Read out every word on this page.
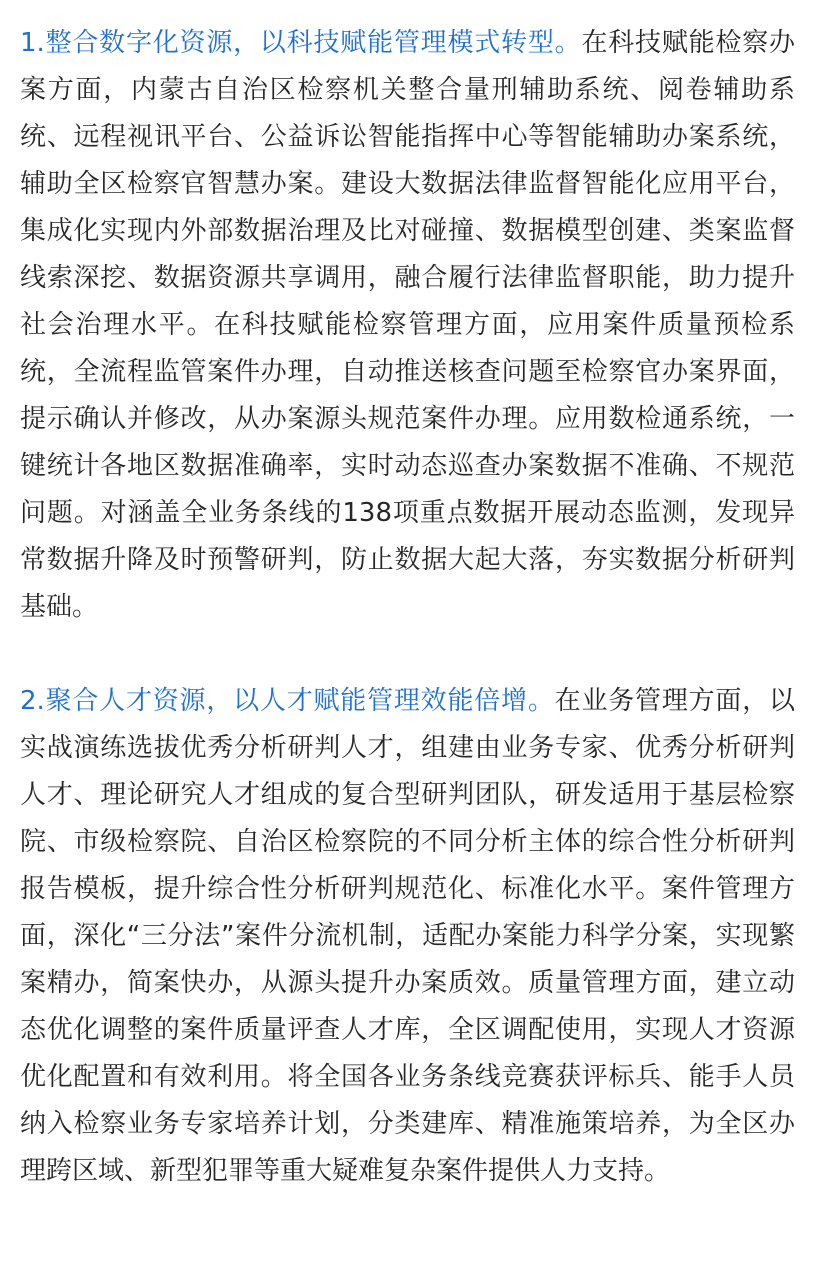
1.整合数字化资源，以科技赋能管理模式转型。在科技赋能检察办案方面，内蒙古自治区检察机关整合量刑辅助系统、阅卷辅助系统、远程视讯平台、公益诉讼智能指挥中心等智能辅助办案系统，辅助全区检察官智慧办案。建设大数据法律监督智能化应用平台，集成化实现内外部数据治理及比对碰撞、数据模型创建、类案监督线索深挖、数据资源共享调用，融合履行法律监督职能，助力提升社会治理水平。在科技赋能检察管理方面，应用案件质量预检系统，全流程监管案件办理，自动推送核查问题至检察官办案界面，提示确认并修改，从办案源头规范案件办理。应用数检通系统，一键统计各地区数据准确率，实时动态巡查办案数据不准确、不规范问题。对涵盖全业务条线的138项重点数据开展动态监测，发现异常数据升降及时预警研判，防止数据大起大落，夯实数据分析研判基础。

2.聚合人才资源，以人才赋能管理效能倍增。在业务管理方面，以实战演练选拔优秀分析研判人才，组建由业务专家、优秀分析研判人才、理论研究人才组成的复合型研判团队，研发适用于基层检察院、市级检察院、自治区检察院的不同分析主体的综合性分析研判报告模板，提升综合性分析研判规范化、标准化水平。案件管理方面，深化“三分法”案件分流机制，适配办案能力科学分案，实现繁案精办，简案快办，从源头提升办案质效。质量管理方面，建立动态优化调整的案件质量评查人才库，全区调配使用，实现人才资源优化配置和有效利用。将全国各业务条线竞赛获评标兵、能手人员纳入检察业务专家培养计划，分类建库、精准施策培养，为全区办理跨区域、新型犯罪等重大疑难复杂案件提供人力支持。
